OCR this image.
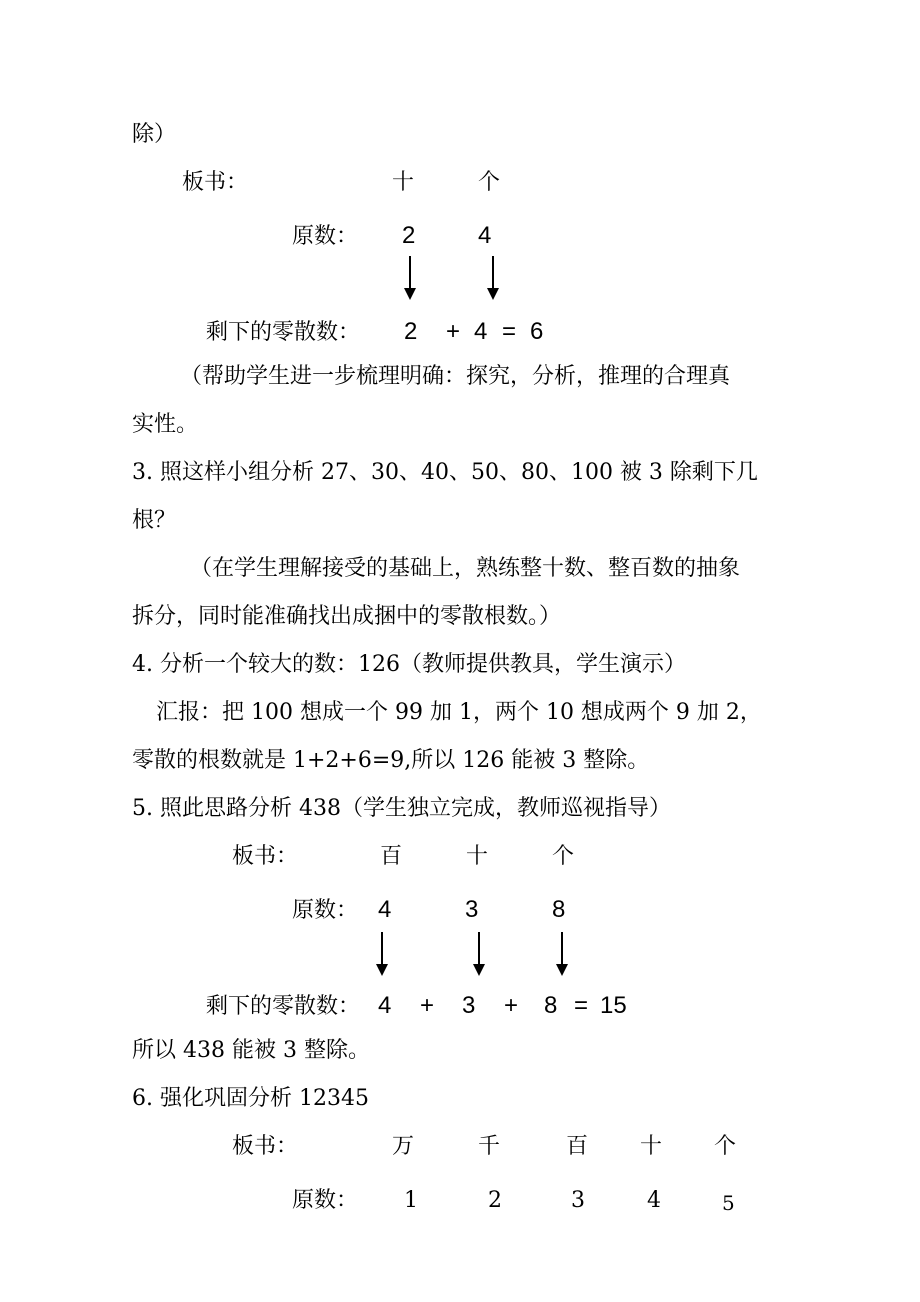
除）
板书：	十	个
原数： 2	4
剩下的零散数： 2 + 4 = 6
（帮助学生进一步梳理明确：探究，分析，推理的合理真
实性。
3. 照这样小组分析 27、30、40、50、80、100 被 3 除剩下几
根？
（在学生理解接受的基础上，熟练整十数、整百数的抽象
拆分，同时能准确找出成捆中的零散根数。）
4. 分析一个较大的数：126（教师提供教具，学生演示）
汇报：把 100 想成一个 99 加 1，两个 10 想成两个 9 加 2，
零散的根数就是 1+2+6=9,所以 126 能被 3 整除。
5. 照此思路分析 438（学生独立完成，教师巡视指导）
板书：	百	十	个
原数： 4	3	8
剩下的零散数： 4 + 3 + 8 = 15
所以 438 能被 3 整除。
6. 强化巩固分析 12345
板书：	万	千	百 十 个
原数： 1	2	3	4	5
